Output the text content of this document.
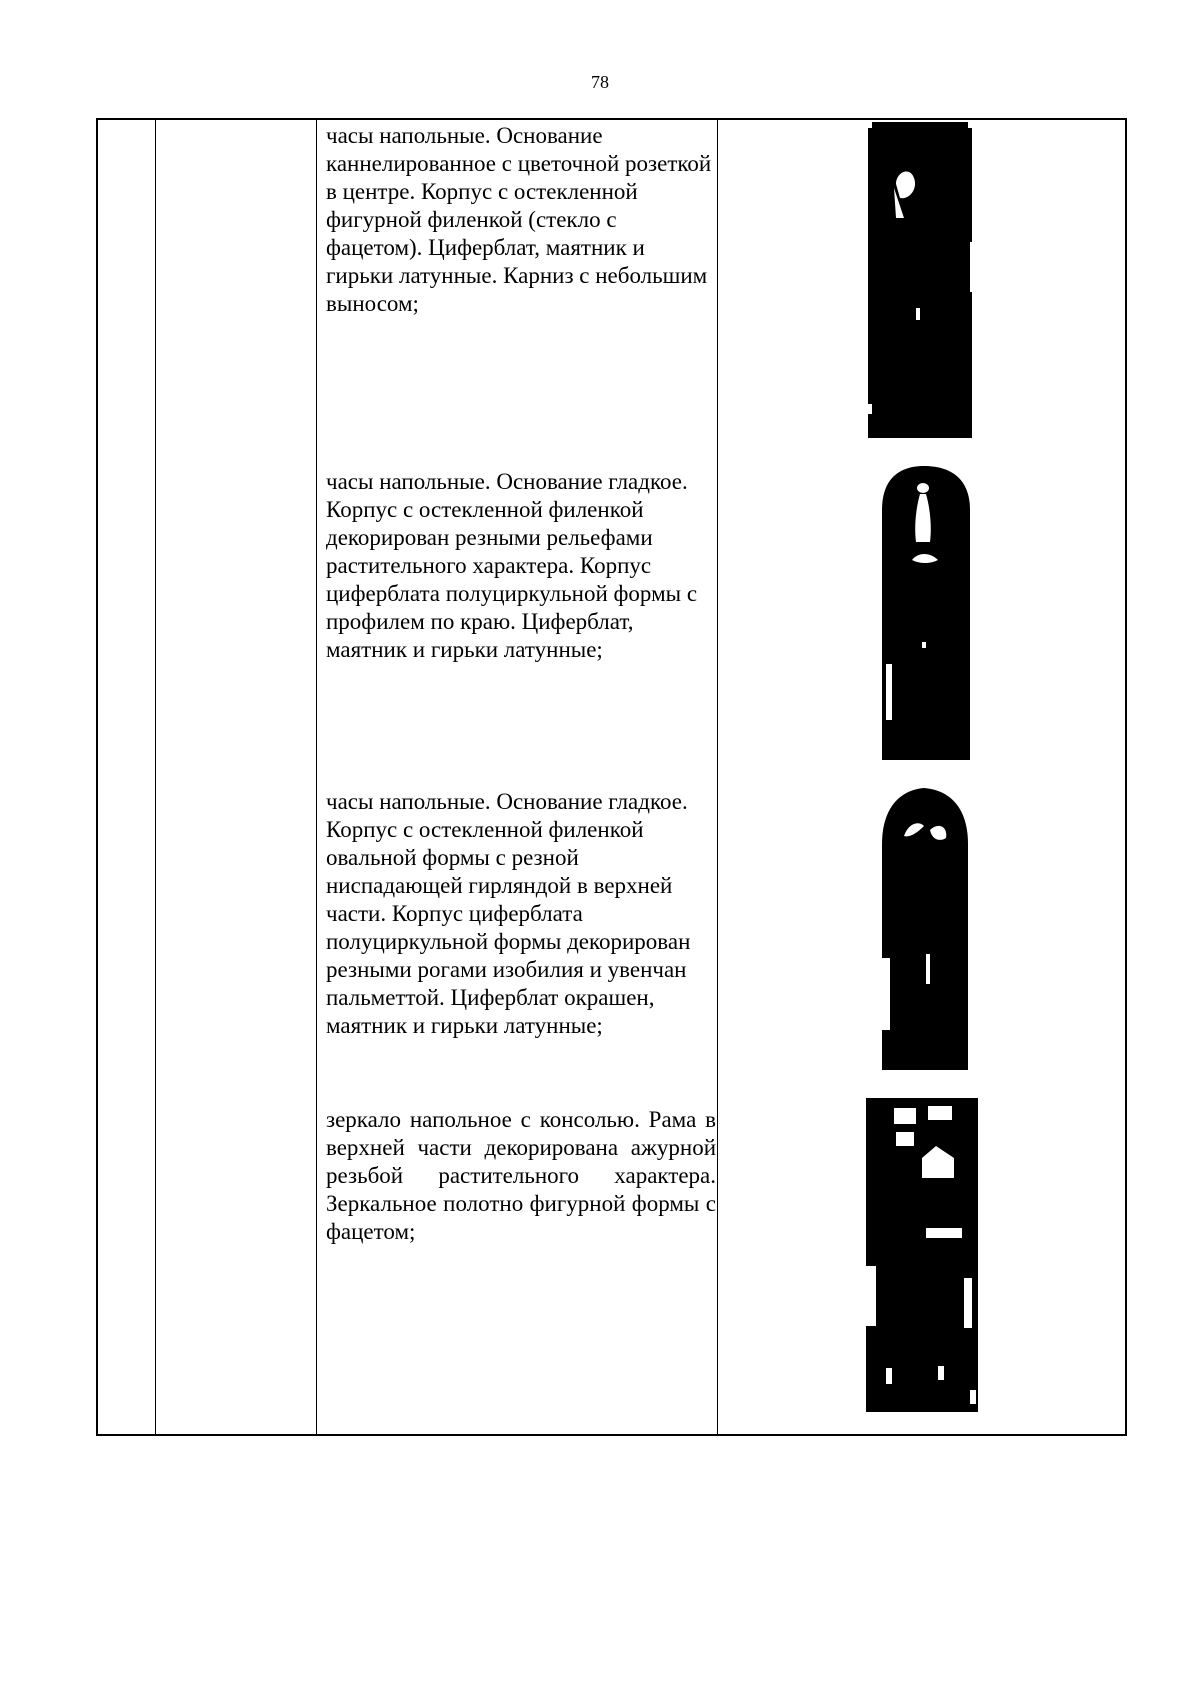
78
часы напольные. Основание каннелированное с цветочной розеткой в центре. Корпус с остекленной фигурной филенкой (стекло с фацетом). Циферблат, маятник и гирьки латунные. Карниз с небольшим выносом;
часы напольные. Основание гладкое. Корпус с остекленной филенкой декорирован резными рельефами растительного характера. Корпус циферблата полуциркульной формы с профилем по краю. Циферблат, маятник и гирьки латунные;
часы напольные. Основание гладкое. Корпус с остекленной филенкой овальной формы с резной ниспадающей гирляндой в верхней части. Корпус циферблата полуциркульной формы декорирован резными рогами изобилия и увенчан пальметтой. Циферблат окрашен, маятник и гирьки латунные;
зеркало напольное с консолью. Рама в верхней части декорирована ажурной резьбой растительного характера. Зеркальное полотно фигурной формы с фацетом;
